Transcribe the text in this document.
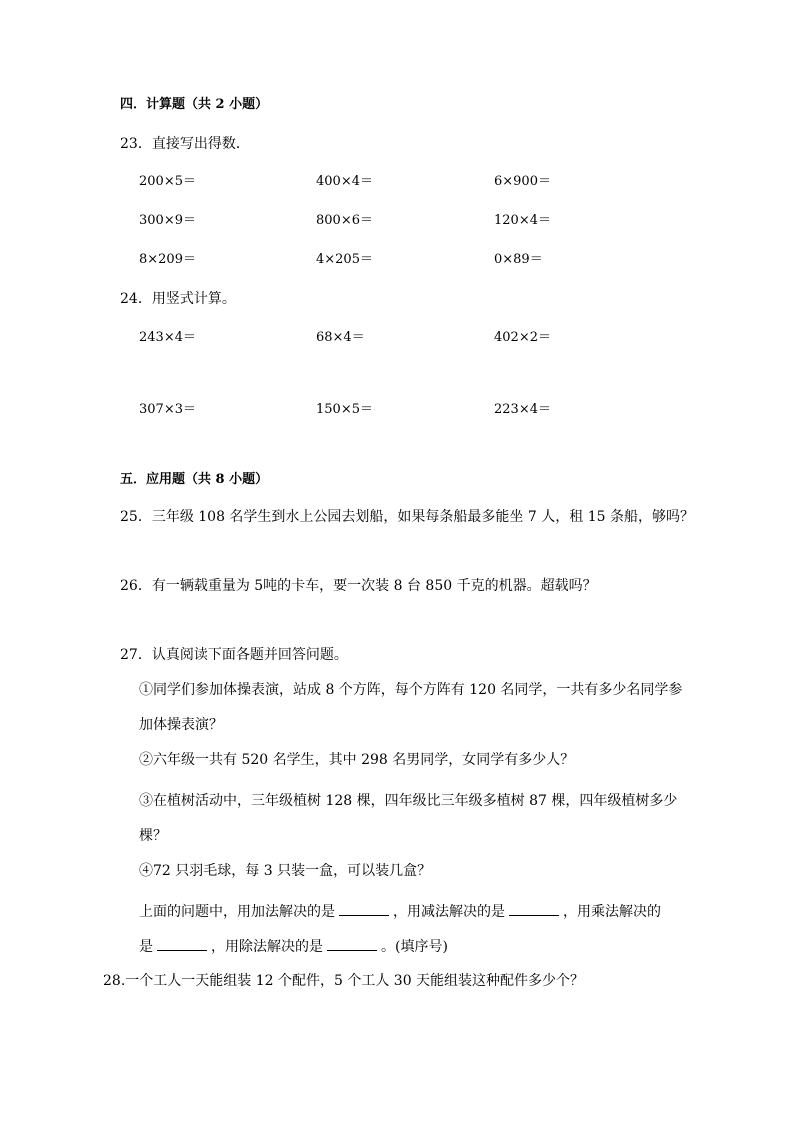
四．计算题（共 2 小题）
23．直接写出得数．
200×5＝	400×4＝	6×900＝
300×9＝	800×6＝	120×4＝
8×209＝	4×205＝	0×89＝
24．用竖式计算。
243×4＝	68×4＝	402×2＝
307×3＝	150×5＝	223×4＝
五．应用题（共 8 小题）
25．三年级 108 名学生到水上公园去划船，如果每条船最多能坐 7 人，租 15 条船，够吗？
26．有一辆载重量为 5吨的卡车，要一次装 8 台 850 千克的机器。超载吗？
27．认真阅读下面各题并回答问题。
①同学们参加体操表演，站成 8 个方阵，每个方阵有 120 名同学，一共有多少名同学参
加体操表演？
②六年级一共有 520 名学生，其中 298 名男同学，女同学有多少人？
③在植树活动中，三年级植树 128 棵，四年级比三年级多植树 87 棵，四年级植树多少
棵？
④72 只羽毛球，每 3 只装一盒，可以装几盒？
上面的问题中，用加法解决的是	，用减法解决的是	，用乘法解决的
是	，用除法解决的是	。(填序号)
28.一个工人一天能组装 12 个配件，5 个工人 30 天能组装这种配件多少个？
